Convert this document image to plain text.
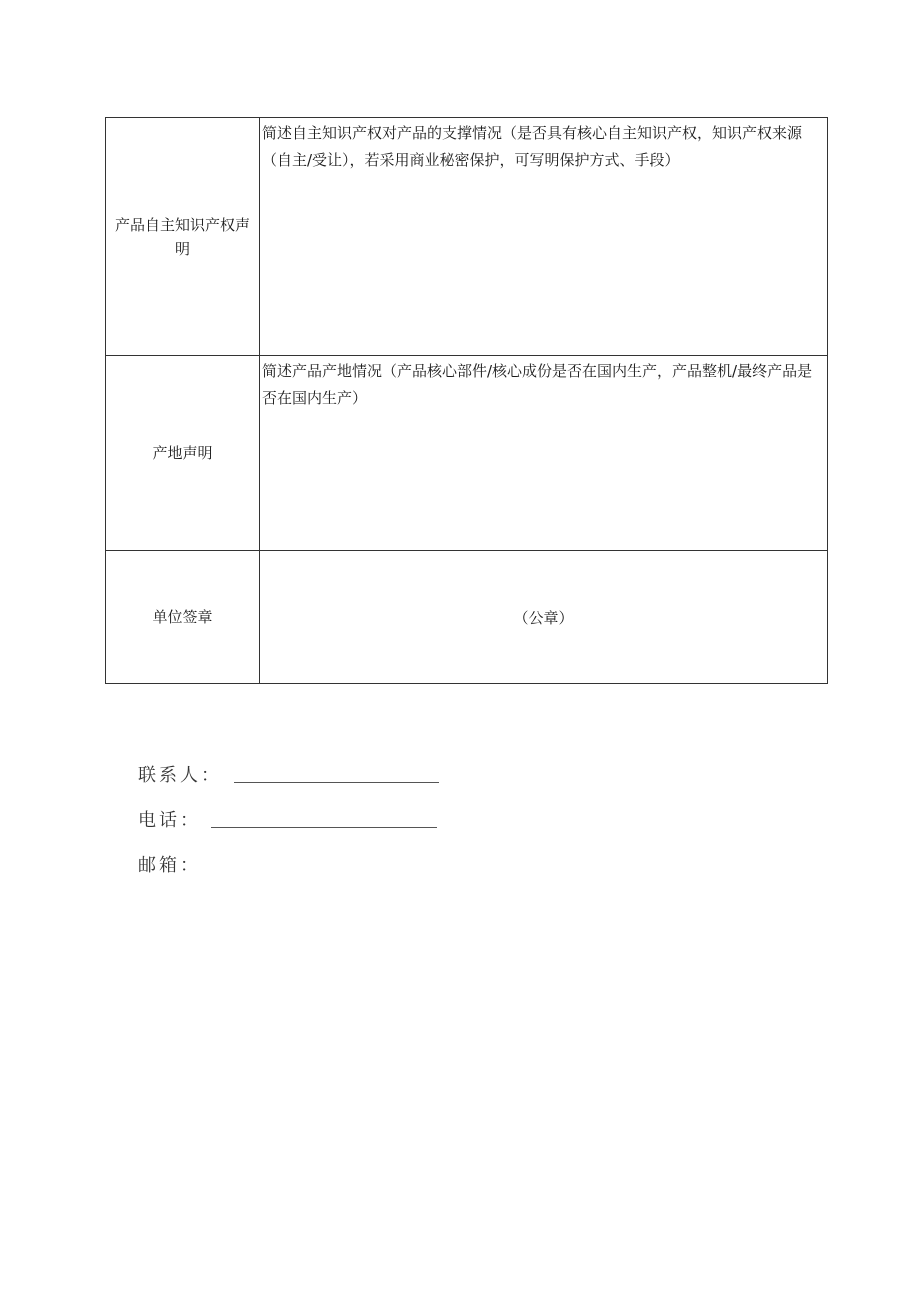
产品自主知识产权声明	简述自主知识产权对产品的支撑情况（是否具有核心自主知识产权，知识产权来源（自主/受让），若采用商业秘密保护，可写明保护方式、手段）

产地声明	简述产品产地情况（产品核心部件/核心成份是否在国内生产，产品整机/最终产品是否在国内生产）

单位签章	（公章）
联系人：
电话：
邮箱：
